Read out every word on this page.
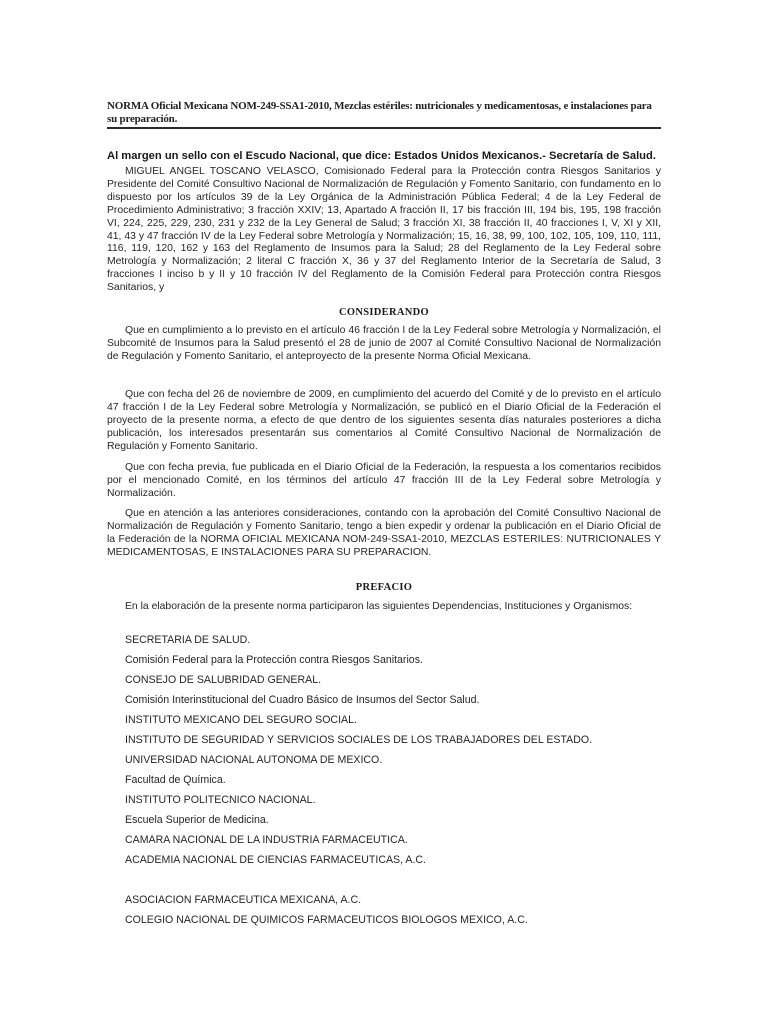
NORMA Oficial Mexicana NOM-249-SSA1-2010, Mezclas estériles: nutricionales y medicamentosas, e instalaciones para su preparación.
Al margen un sello con el Escudo Nacional, que dice: Estados Unidos Mexicanos.- Secretaría de Salud.

MIGUEL ANGEL TOSCANO VELASCO, Comisionado Federal para la Protección contra Riesgos Sanitarios y Presidente del Comité Consultivo Nacional de Normalización de Regulación y Fomento Sanitario, con fundamento en lo dispuesto por los artículos 39 de la Ley Orgánica de la Administración Pública Federal; 4 de la Ley Federal de Procedimiento Administrativo; 3 fracción XXIV; 13, Apartado A fracción II, 17 bis fracción III, 194 bis, 195, 198 fracción VI, 224, 225, 229, 230, 231 y 232 de la Ley General de Salud; 3 fracción XI, 38 fracción II, 40 fracciones I, V, XI y XII, 41, 43 y 47 fracción IV de la Ley Federal sobre Metrología y Normalización; 15, 16, 38, 99, 100, 102, 105, 109, 110, 111, 116, 119, 120, 162 y 163 del Reglamento de Insumos para la Salud; 28 del Reglamento de la Ley Federal sobre Metrología y Normalización; 2 literal C fracción X, 36 y 37 del Reglamento Interior de la Secretaría de Salud, 3 fracciones I inciso b y II y 10 fracción IV del Reglamento de la Comisión Federal para Protección contra Riesgos Sanitarios, y

CONSIDERANDO

Que en cumplimiento a lo previsto en el artículo 46 fracción I de la Ley Federal sobre Metrología y Normalización, el Subcomité de Insumos para la Salud presentó el 28 de junio de 2007 al Comité Consultivo Nacional de Normalización de Regulación y Fomento Sanitario, el anteproyecto de la presente Norma Oficial Mexicana.

Que con fecha del 26 de noviembre de 2009, en cumplimiento del acuerdo del Comité y de lo previsto en el artículo 47 fracción I de la Ley Federal sobre Metrología y Normalización, se publicó en el Diario Oficial de la Federación el proyecto de la presente norma, a efecto de que dentro de los siguientes sesenta días naturales posteriores a dicha publicación, los interesados presentarán sus comentarios al Comité Consultivo Nacional de Normalización de Regulación y Fomento Sanitario.

Que con fecha previa, fue publicada en el Diario Oficial de la Federación, la respuesta a los comentarios recibidos por el mencionado Comité, en los términos del artículo 47 fracción III de la Ley Federal sobre Metrología y Normalización.

Que en atención a las anteriores consideraciones, contando con la aprobación del Comité Consultivo Nacional de Normalización de Regulación y Fomento Sanitario, tengo a bien expedir y ordenar la publicación en el Diario Oficial de la Federación de la NORMA OFICIAL MEXICANA NOM-249-SSA1-2010, MEZCLAS ESTERILES: NUTRICIONALES Y MEDICAMENTOSAS, E INSTALACIONES PARA SU PREPARACION.

PREFACIO

En la elaboración de la presente norma participaron las siguientes Dependencias, Instituciones y Organismos:

SECRETARIA DE SALUD.
Comisión Federal para la Protección contra Riesgos Sanitarios.
CONSEJO DE SALUBRIDAD GENERAL.
Comisión Interinstitucional del Cuadro Básico de Insumos del Sector Salud.
INSTITUTO MEXICANO DEL SEGURO SOCIAL.
INSTITUTO DE SEGURIDAD Y SERVICIOS SOCIALES DE LOS TRABAJADORES DEL ESTADO.
UNIVERSIDAD NACIONAL AUTONOMA DE MEXICO.
Facultad de Química.
INSTITUTO POLITECNICO NACIONAL.
Escuela Superior de Medicina.
CAMARA NACIONAL DE LA INDUSTRIA FARMACEUTICA.
ACADEMIA NACIONAL DE CIENCIAS FARMACEUTICAS, A.C.
ASOCIACION FARMACEUTICA MEXICANA, A.C.
COLEGIO NACIONAL DE QUIMICOS FARMACEUTICOS BIOLOGOS MEXICO, A.C.
